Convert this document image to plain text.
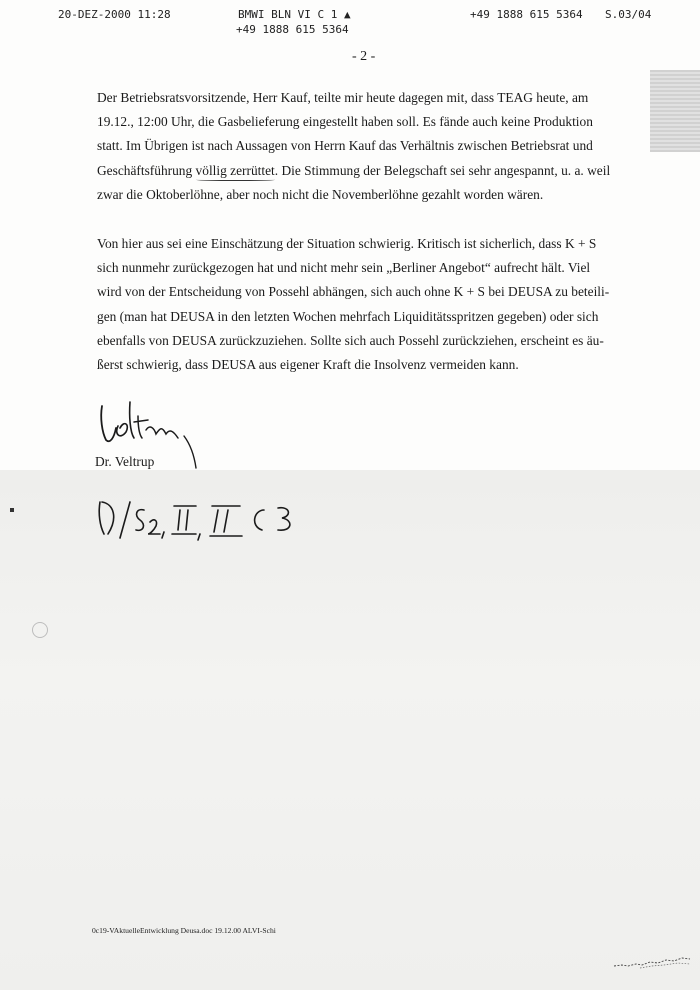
20-DEZ-2000 11:28	BMWI BLN VI C 1 ▲	+49 1888 615 5364 S.03/04
+49 1888 615 5364
- 2 -

Der Betriebsratsvorsitzende, Herr Kauf, teilte mir heute dagegen mit, dass TEAG heute, am
19.12., 12:00 Uhr, die Gasbelieferung eingestellt haben soll. Es fände auch keine Produktion
statt. Im Übrigen ist nach Aussagen von Herrn Kauf das Verhältnis zwischen Betriebsrat und
Geschäftsführung völlig zerrüttet. Die Stimmung der Belegschaft sei sehr angespannt, u. a. weil
zwar die Oktoberlöhne, aber noch nicht die Novemberlöhne gezahlt worden wären.

Von hier aus sei eine Einschätzung der Situation schwierig. Kritisch ist sicherlich, dass K + S
sich nunmehr zurückgezogen hat und nicht mehr sein „Berliner Angebot“ aufrecht hält. Viel
wird von der Entscheidung von Possehl abhängen, sich auch ohne K + S bei DEUSA zu beteili-
gen (man hat DEUSA in den letzten Wochen mehrfach Liquiditätsspritzen gegeben) oder sich
ebenfalls von DEUSA zurückzuziehen. Sollte sich auch Possehl zurückziehen, erscheint es äu-
ßerst schwierig, dass DEUSA aus eigener Kraft die Insolvenz vermeiden kann.

Dr. Veltrup
0c19-VAktuelleEntwicklung Deusa.doc 19.12.00 ALVI-Schi
